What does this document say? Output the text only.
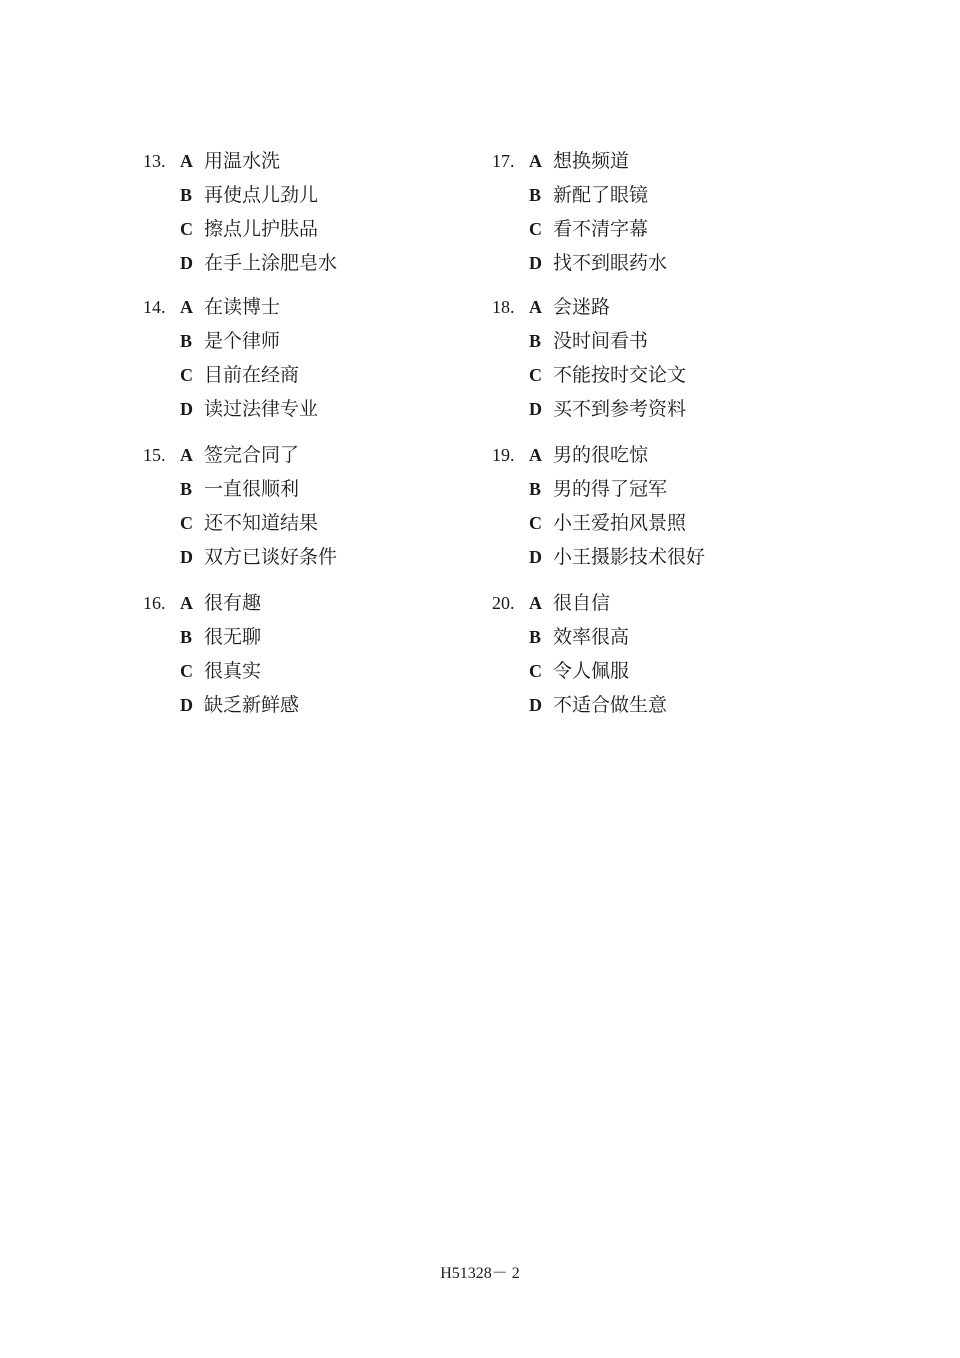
13. A 用温水洗
B 再使点儿劲儿
C 擦点儿护肤品
D 在手上涂肥皂水
14. A 在读博士
B 是个律师
C 目前在经商
D 读过法律专业
15. A 签完合同了
B 一直很顺利
C 还不知道结果
D 双方已谈好条件
16. A 很有趣
B 很无聊
C 很真实
D 缺乏新鲜感
17. A 想换频道
B 新配了眼镜
C 看不清字幕
D 找不到眼药水
18. A 会迷路
B 没时间看书
C 不能按时交论文
D 买不到参考资料
19. A 男的很吃惊
B 男的得了冠军
C 小王爱拍风景照
D 小王摄影技术很好
20. A 很自信
B 效率很高
C 令人佩服
D 不适合做生意
H51328－ 2
